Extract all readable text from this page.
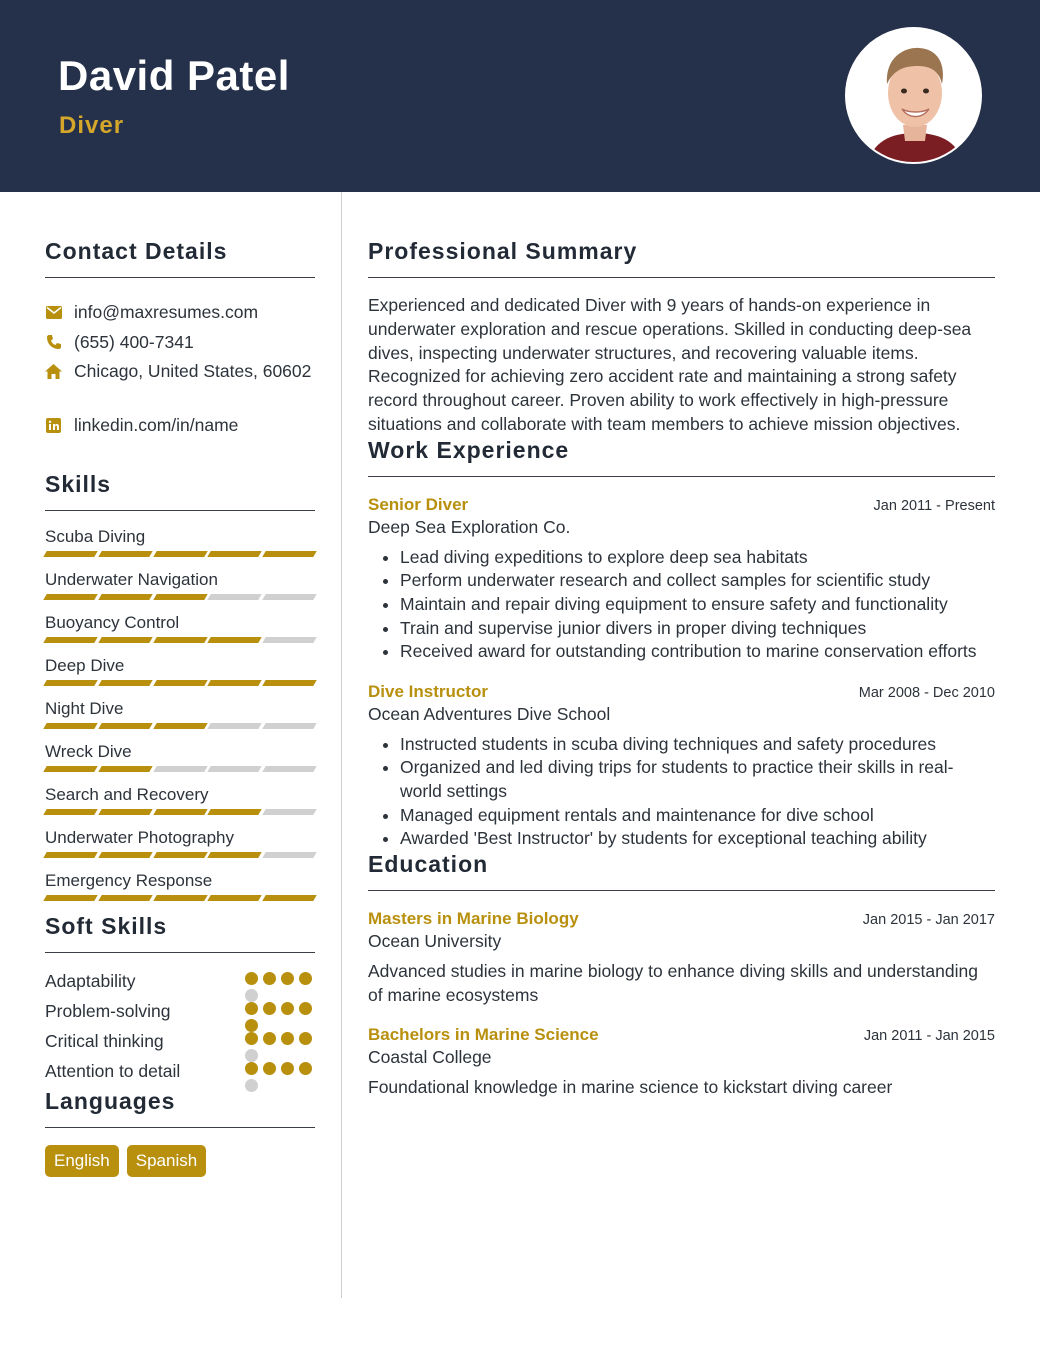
David Patel
Diver
Contact Details
info@maxresumes.com
(655) 400-7341
Chicago, United States, 60602
linkedin.com/in/name
Skills
Scuba Diving
Underwater Navigation
Buoyancy Control
Deep Dive
Night Dive
Wreck Dive
Search and Recovery
Underwater Photography
Emergency Response
Soft Skills
Adaptability
Problem-solving
Critical thinking
Attention to detail
Languages
English	Spanish
Professional Summary
Experienced and dedicated Diver with 9 years of hands-on experience in underwater exploration and rescue operations. Skilled in conducting deep-sea dives, inspecting underwater structures, and recovering valuable items. Recognized for achieving zero accident rate and maintaining a strong safety record throughout career. Proven ability to work effectively in high-pressure situations and collaborate with team members to achieve mission objectives.
Work Experience
Senior Diver	Jan 2011 - Present
Deep Sea Exploration Co.
• Lead diving expeditions to explore deep sea habitats
• Perform underwater research and collect samples for scientific study
• Maintain and repair diving equipment to ensure safety and functionality
• Train and supervise junior divers in proper diving techniques
• Received award for outstanding contribution to marine conservation efforts
Dive Instructor	Mar 2008 - Dec 2010
Ocean Adventures Dive School
• Instructed students in scuba diving techniques and safety procedures
• Organized and led diving trips for students to practice their skills in real-world settings
• Managed equipment rentals and maintenance for dive school
• Awarded 'Best Instructor' by students for exceptional teaching ability
Education
Masters in Marine Biology	Jan 2015 - Jan 2017
Ocean University
Advanced studies in marine biology to enhance diving skills and understanding of marine ecosystems
Bachelors in Marine Science	Jan 2011 - Jan 2015
Coastal College
Foundational knowledge in marine science to kickstart diving career
